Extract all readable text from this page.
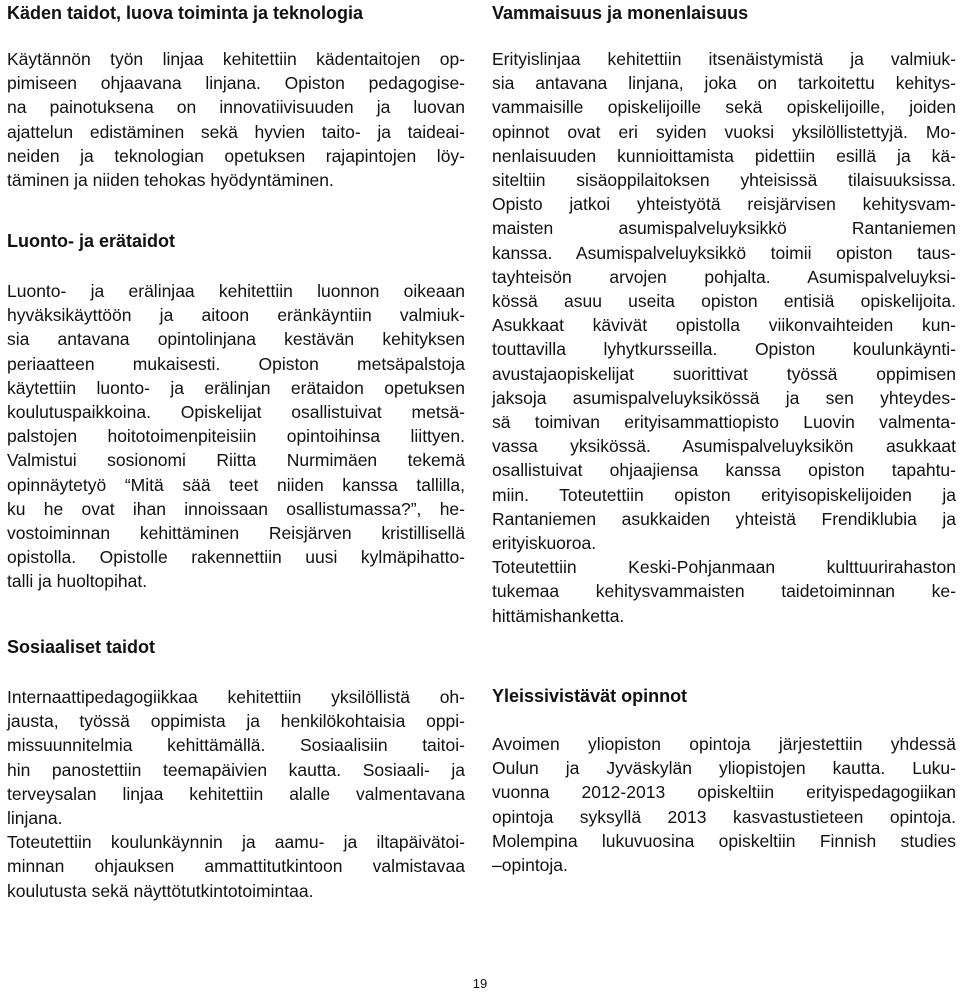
Käden taidot, luova toiminta ja teknologia
Käytännön työn linjaa kehitettiin kädentaitojen op-
pimiseen ohjaavana linjana. Opiston pedagogise-
na painotuksena on innovatiivisuuden ja luovan
ajattelun edistäminen sekä hyvien taito- ja taideai-
neiden ja teknologian opetuksen rajapintojen löy-
täminen ja niiden tehokas hyödyntäminen.
Luonto- ja erätaidot
Luonto- ja erälinjaa kehitettiin luonnon oikeaan
hyväksikäyttöön ja aitoon eränkäyntiin valmiuk-
sia antavana opintolinjana kestävän kehityksen
periaatteen mukaisesti. Opiston metsäpalstoja
käytettiin luonto- ja erälinjan erätaidon opetuksen
koulutuspaikkoina. Opiskelijat osallistuivat metsä-
palstojen hoitotoimenpiteisiin opintoihinsa liittyen.
Valmistui sosionomi Riitta Nurmimäen tekemä
opinnäytetyö “Mitä sää teet niiden kanssa tallilla,
ku he ovat ihan innoissaan osallistumassa?”, he-
vostoiminnan kehittäminen Reisjärven kristillisellä
opistolla. Opistolle rakennettiin uusi kylmäpihatto-
talli ja huoltopihat.
Sosiaaliset taidot
Internaattipedagogiikkaa kehitettiin yksilöllistä oh-
jausta, työssä oppimista ja henkilökohtaisia oppi-
missuunnitelmia kehittämällä. Sosiaalisiin taitoi-
hin panostettiin teemapäivien kautta. Sosiaali- ja
terveysalan linjaa kehitettiin alalle valmentavana
linjana.
Toteutettiin koulunkäynnin ja aamu- ja iltapäivätoi-
minnan ohjauksen ammattitutkintoon valmistavaa
koulutusta sekä näyttötutkintotoimintaa.
Vammaisuus ja monenlaisuus
Erityislinjaa kehitettiin itsenäistymistä ja valmiuk-
sia antavana linjana, joka on tarkoitettu kehitys-
vammaisille opiskelijoille sekä opiskelijoille, joiden
opinnot ovat eri syiden vuoksi yksilöllistettyjä. Mo-
nenlaisuuden kunnioittamista pidettiin esillä ja kä-
siteltiin sisäoppilaitoksen yhteisissä tilaisuuksissa.
Opisto jatkoi yhteistyötä reisjärvisen kehitysvam-
maisten asumispalveluyksikkö Rantaniemen
kanssa. Asumispalveluyksikkö toimii opiston taus-
tayhteisön arvojen pohjalta. Asumispalveluyksi-
kössä asuu useita opiston entisiä opiskelijoita.
Asukkaat kävivät opistolla viikonvaihteiden kun-
touttavilla lyhytkursseilla. Opiston koulunkäynti-
avustajaopiskelijat suorittivat työssä oppimisen
jaksoja asumispalveluyksikössä ja sen yhteydes-
sä toimivan erityisammattiopisto Luovin valmenta-
vassa yksikössä. Asumispalveluyksikön asukkaat
osallistuivat ohjaajiensa kanssa opiston tapahtu-
miin. Toteutettiin opiston erityisopiskelijoiden ja
Rantaniemen asukkaiden yhteistä Frendiklubia ja
erityiskuoroa.
Toteutettiin Keski-Pohjanmaan kulttuurirahaston
tukemaa kehitysvammaisten taidetoiminnan ke-
hittämishanketta.
Yleissivistävät opinnot
Avoimen yliopiston opintoja järjestettiin yhdessä
Oulun ja Jyväskylän yliopistojen kautta. Luku-
vuonna 2012-2013 opiskeltiin erityispedagogiikan
opintoja syksyllä 2013 kasvastustieteen opintoja.
Molempina lukuvuosina opiskeltiin Finnish studies
–opintoja.
19
